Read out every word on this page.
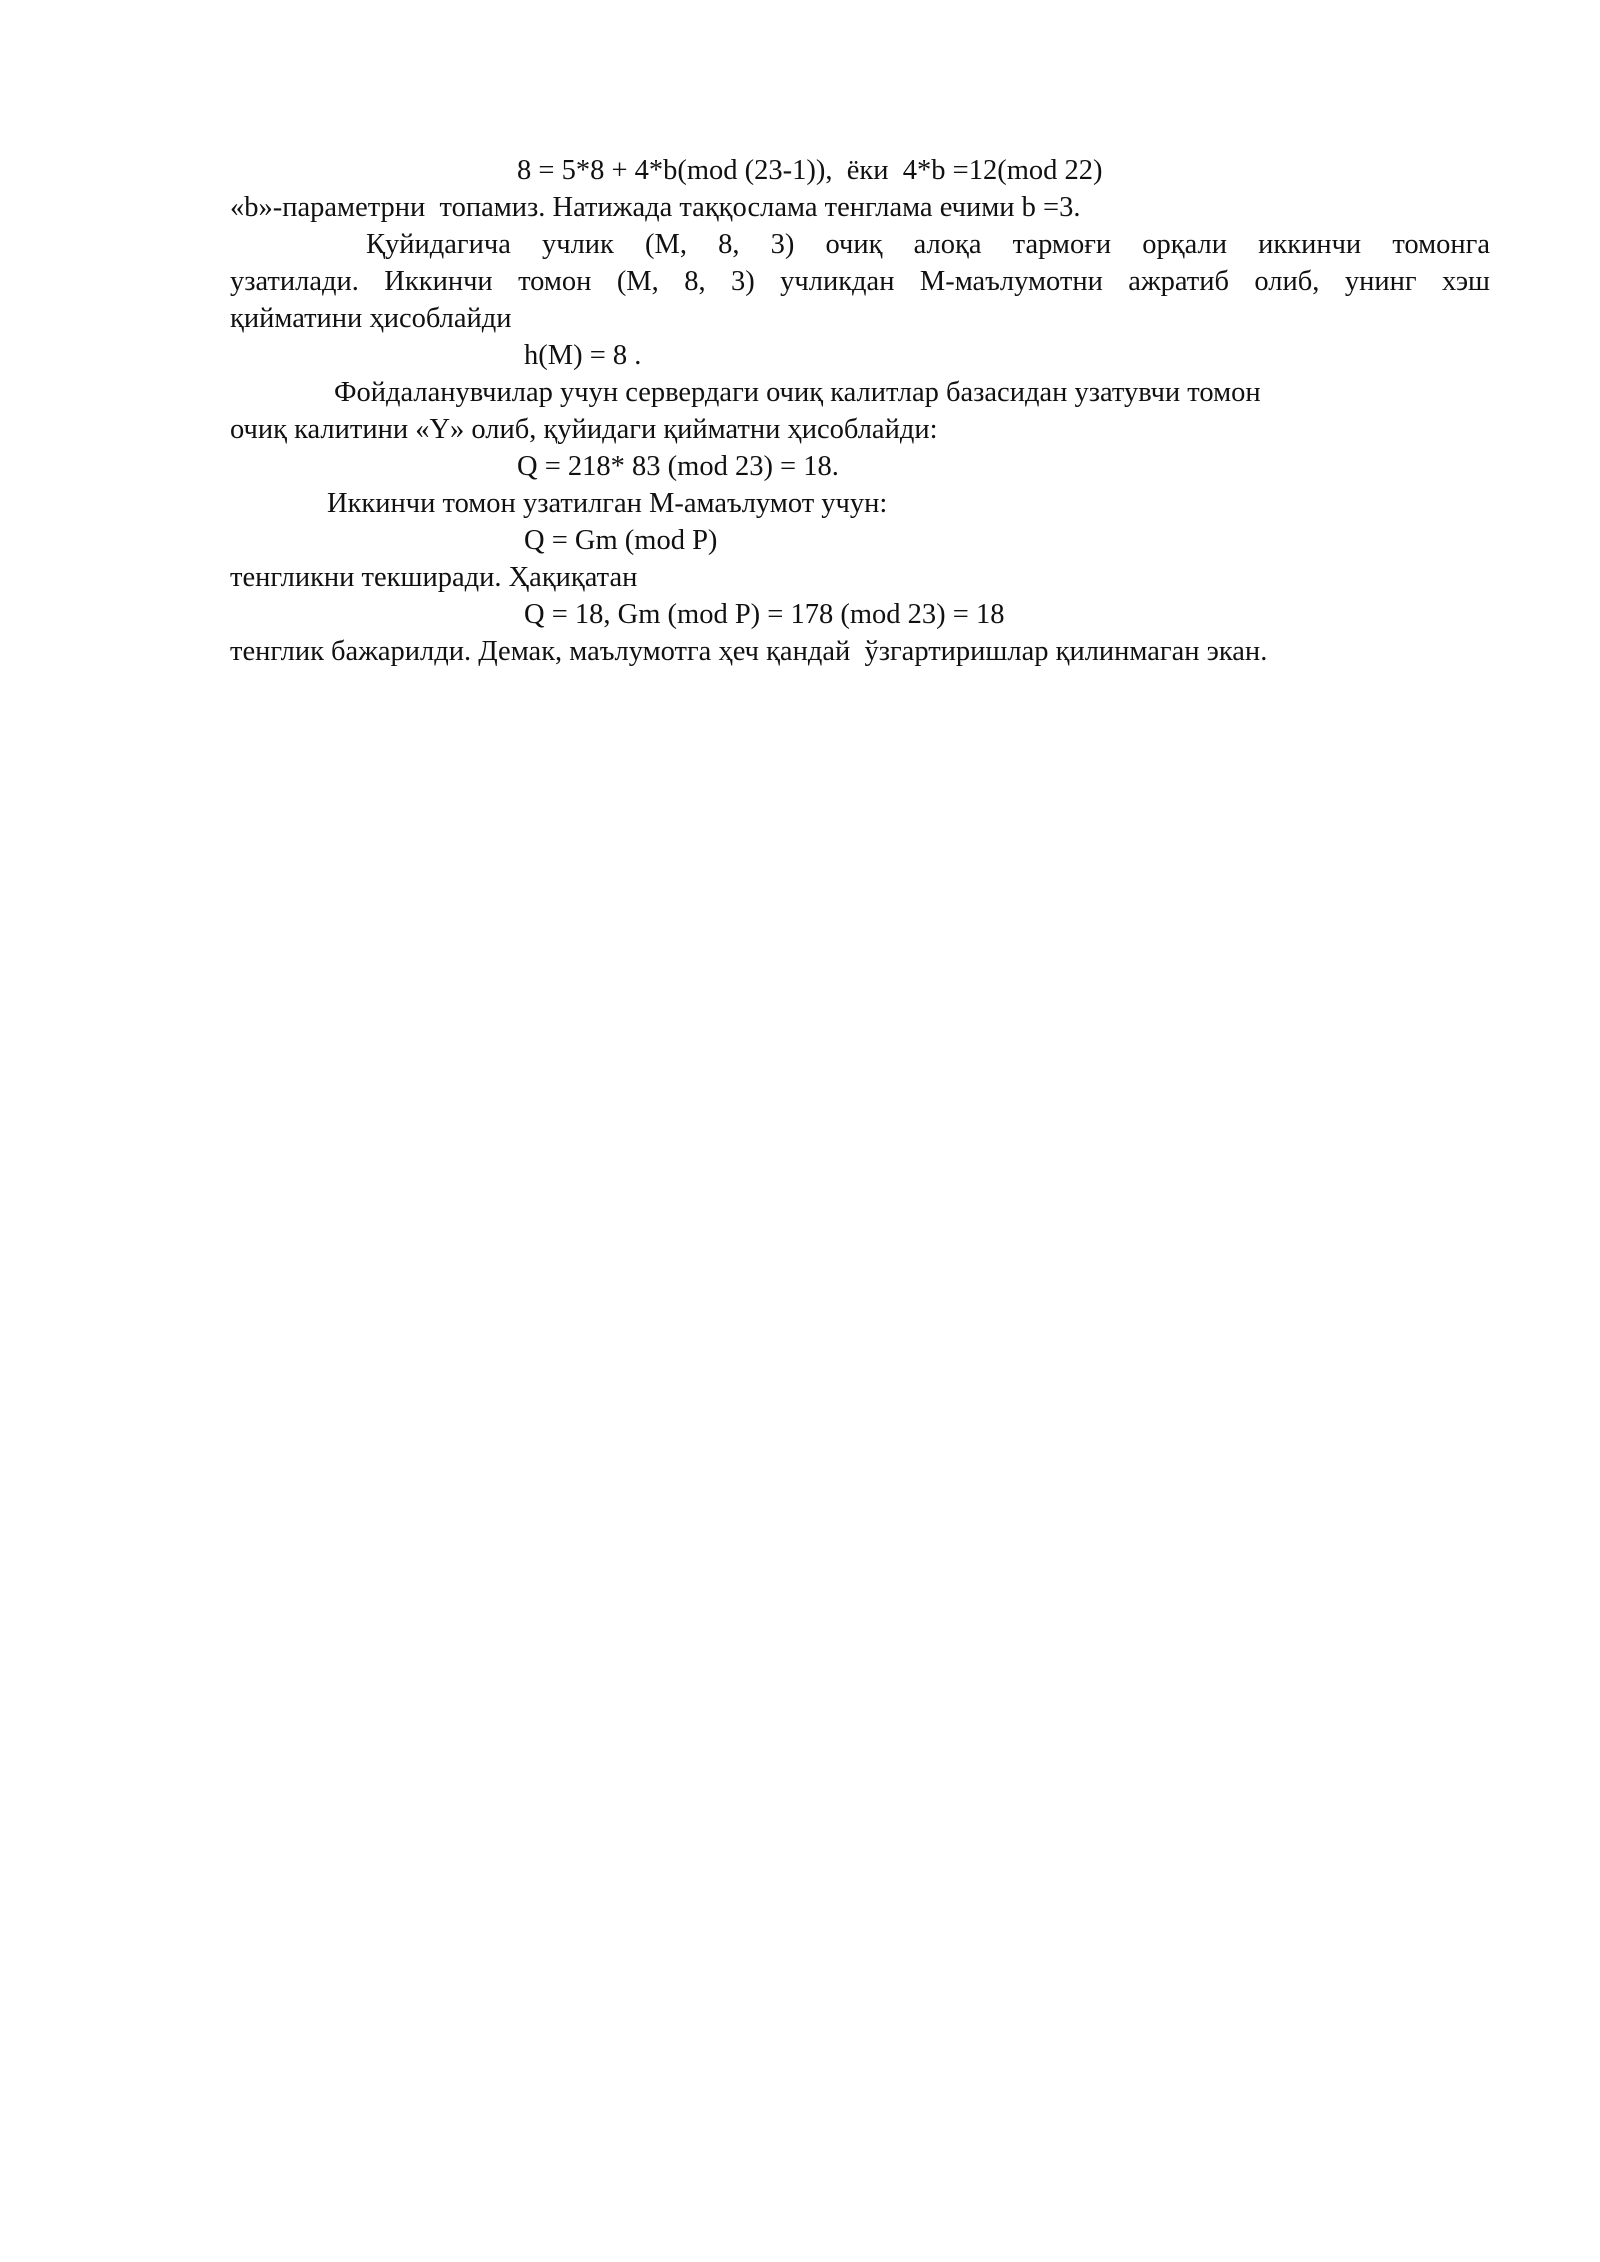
8 = 5*8 + 4*b(mod (23-1)),  ёки  4*b =12(mod 22)
«b»-параметрни  топамиз. Натижада таққослама тенглама ечими b =3.
Қуйидагича учлик (M, 8, 3) очиқ алоқа тармоғи орқали иккинчи томонга
узатилади. Иккинчи томон (M, 8, 3) учликдан M-маълумотни ажратиб олиб, унинг хэш
қийматини ҳисоблайди
h(M) = 8 .
Фойдаланувчилар учун сервердаги очиқ калитлар базасидан узатувчи томон
очиқ калитини «Y» олиб, қуйидаги қийматни ҳисоблайди:
Q = 218* 83 (mod 23) = 18.
Иккинчи томон узатилган M-амаълумот учун:
Q = Gm (mod P)
тенгликни текширади. Ҳақиқатан
Q = 18, Gm (mod P) = 178 (mod 23) = 18
тенглик бажарилди. Демак, маълумотга ҳеч қандай  ўзгартиришлар қилинмаган экан.
